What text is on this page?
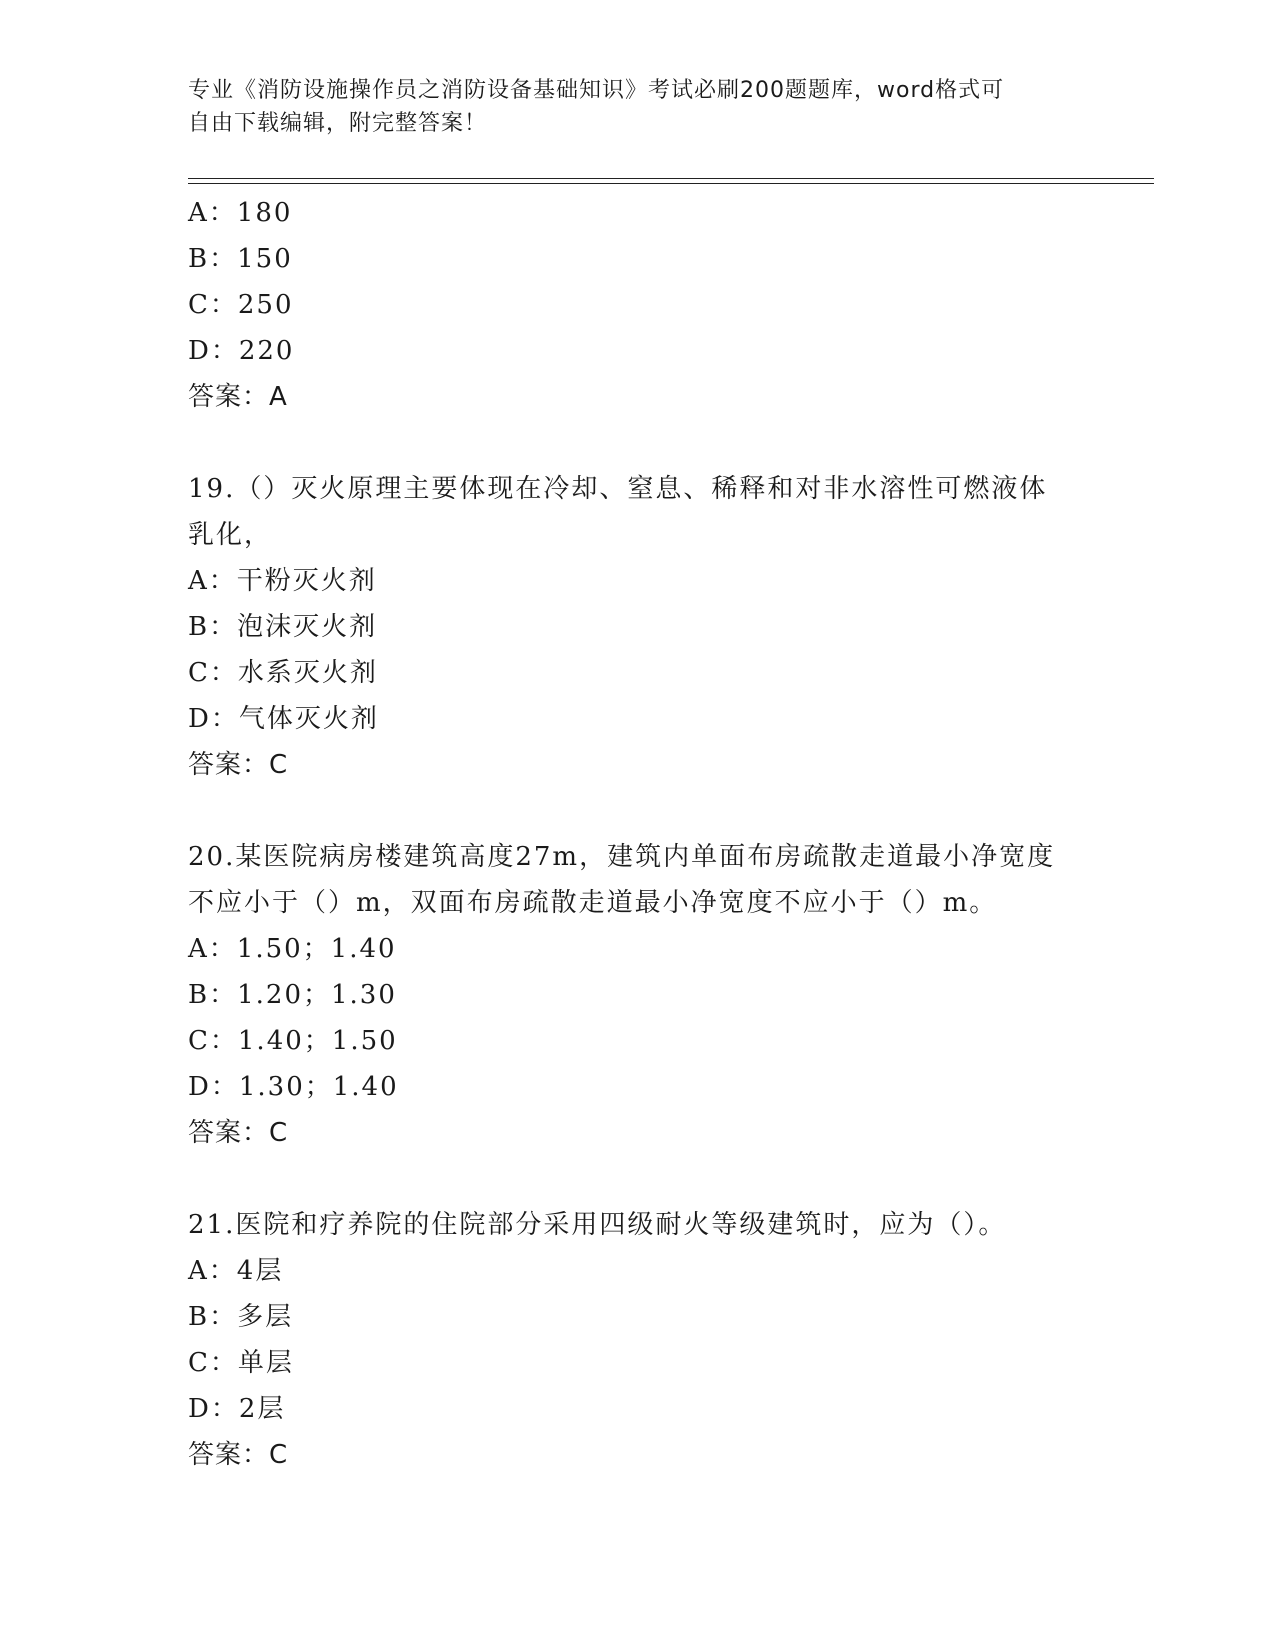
专业《消防设施操作员之消防设备基础知识》考试必刷200题题库，word格式可
自由下载编辑，附完整答案！
A：180
B：150
C：250
D：220
答案：A
19.（）灭火原理主要体现在冷却、窒息、稀释和对非水溶性可燃液体
乳化，
A：干粉灭火剂
B：泡沫灭火剂
C：水系灭火剂
D：气体灭火剂
答案：C
20.某医院病房楼建筑高度27m，建筑内单面布房疏散走道最小净宽度
不应小于（）m，双面布房疏散走道最小净宽度不应小于（）m。
A：1.50；1.40
B：1.20；1.30
C：1.40；1.50
D：1.30；1.40
答案：C
21.医院和疗养院的住院部分采用四级耐火等级建筑时，应为（）。
A：4层
B：多层
C：单层
D：2层
答案：C
